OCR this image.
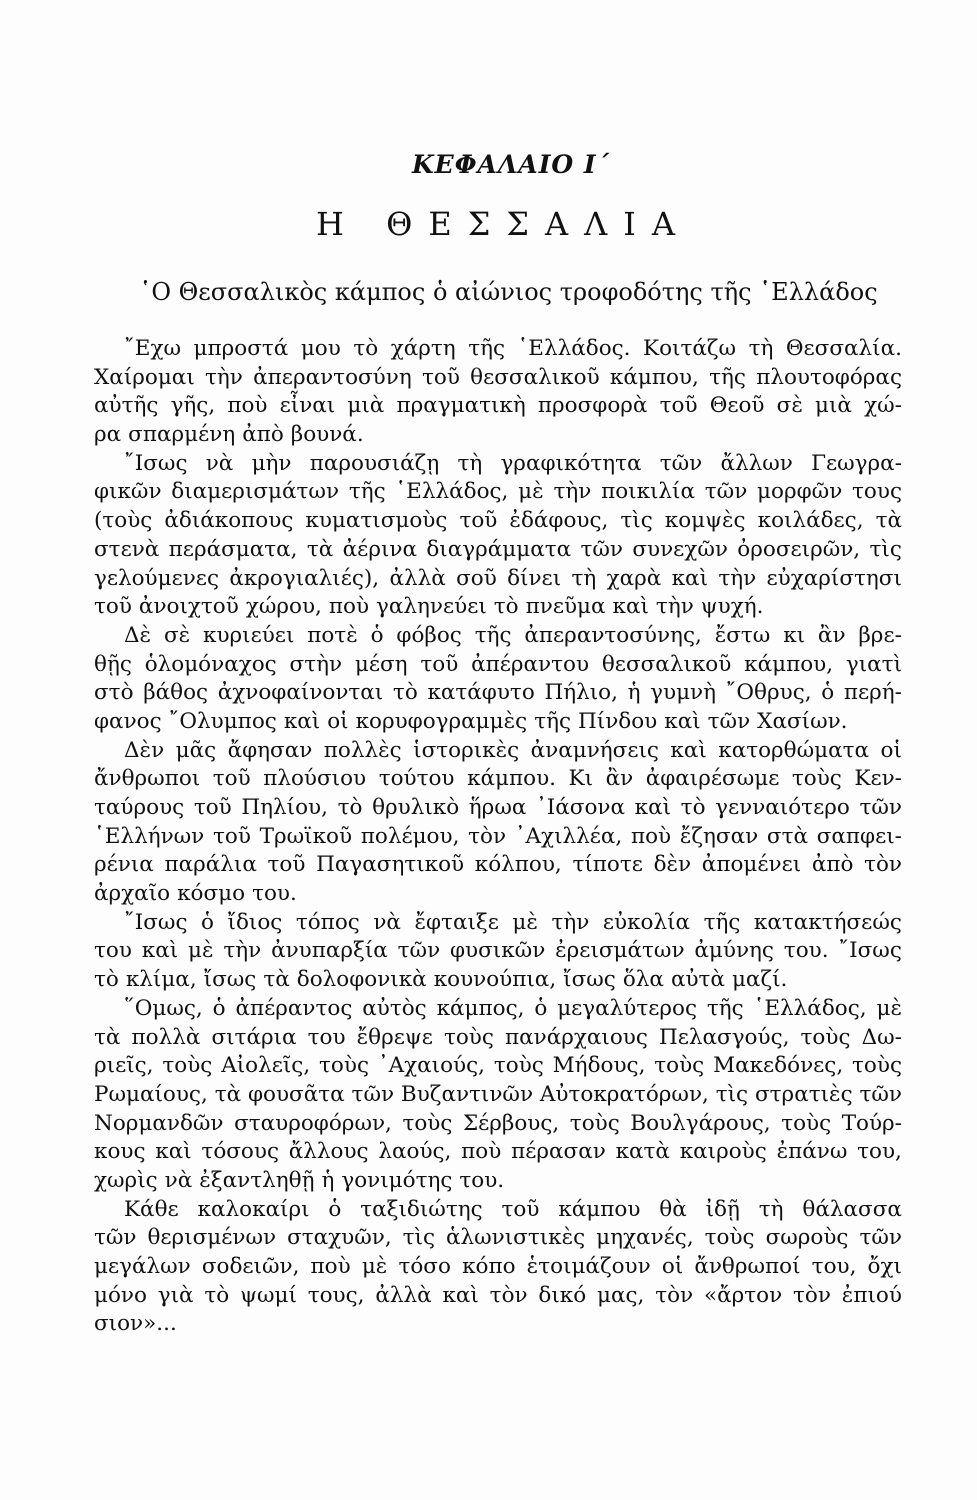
ΚΕΦΑΛΑΙΟ Ι΄
Η ΘΕΣΣΑΛΙΑ
῾Ο Θεσσαλικὸς κάμπος ὁ αἰώνιος τροφοδότης τῆς ῾Ελλάδος
῎Εχω μπροστά μου τὸ χάρτη τῆς ῾Ελλάδος. Κοιτάζω τὴ Θεσσαλία.
Χαίρομαι τὴν ἀπεραντοσύνη τοῦ θεσσαλικοῦ κάμπου, τῆς πλουτοφόρας
αὐτῆς γῆς, ποὺ εἶναι μιὰ πραγματικὴ προσφορὰ τοῦ Θεοῦ σὲ μιὰ χώ-
ρα σπαρμένη ἀπὸ βουνά.
῎Ισως νὰ μὴν παρουσιάζῃ τὴ γραφικότητα τῶν ἄλλων Γεωγρα-
φικῶν διαμερισμάτων τῆς ῾Ελλάδος, μὲ τὴν ποικιλία τῶν μορφῶν τους
(τοὺς ἀδιάκοπους κυματισμοὺς τοῦ ἐδάφους, τὶς κομψὲς κοιλάδες, τὰ
στενὰ περάσματα, τὰ ἀέρινα διαγράμματα τῶν συνεχῶν ὀροσειρῶν, τὶς
γελούμενες ἀκρογιαλιές), ἀλλὰ σοῦ δίνει τὴ χαρὰ καὶ τὴν εὐχαρίστησι
τοῦ ἀνοιχτοῦ χώρου, ποὺ γαληνεύει τὸ πνεῦμα καὶ τὴν ψυχή.
Δὲ σὲ κυριεύει ποτὲ ὁ φόβος τῆς ἀπεραντοσύνης, ἔστω κι ἂν βρε-
θῇς ὁλομόναχος στὴν μέση τοῦ ἀπέραντου θεσσαλικοῦ κάμπου, γιατὶ
στὸ βάθος ἀχνοφαίνονται τὸ κατάφυτο Πήλιο, ἡ γυμνὴ ῎Οθρυς, ὁ περή-
φανος ῎Ολυμπος καὶ οἱ κορυφογραμμὲς τῆς Πίνδου καὶ τῶν Χασίων.
Δὲν μᾶς ἄφησαν πολλὲς ἱστορικὲς ἀναμνήσεις καὶ κατορθώματα οἱ
ἄνθρωποι τοῦ πλούσιου τούτου κάμπου. Κι ἂν ἀφαιρέσωμε τοὺς Κεν-
ταύρους τοῦ Πηλίου, τὸ θρυλικὸ ἥρωα ᾿Ιάσονα καὶ τὸ γενναιότερο τῶν
῾Ελλήνων τοῦ Τρωϊκοῦ πολέμου, τὸν ᾿Αχιλλέα, ποὺ ἔζησαν στὰ σαπφει-
ρένια παράλια τοῦ Παγασητικοῦ κόλπου, τίποτε δὲν ἀπομένει ἀπὸ τὸν
ἀρχαῖο κόσμο του.
῎Ισως ὁ ἴδιος τόπος νὰ ἔφταιξε μὲ τὴν εὐκολία τῆς κατακτήσεώς
του καὶ μὲ τὴν ἀνυπαρξία τῶν φυσικῶν ἐρεισμάτων ἀμύνης του. ῎Ισως
τὸ κλίμα, ἴσως τὰ δολοφονικὰ κουνούπια, ἴσως ὅλα αὐτὰ μαζί.
῞Ομως, ὁ ἀπέραντος αὐτὸς κάμπος, ὁ μεγαλύτερος τῆς ῾Ελλάδος, μὲ
τὰ πολλὰ σιτάρια του ἔθρεψε τοὺς πανάρχαιους Πελασγούς, τοὺς Δω-
ριεῖς, τοὺς Αἰολεῖς, τοὺς ᾿Αχαιούς, τοὺς Μήδους, τοὺς Μακεδόνες, τοὺς
Ρωμαίους, τὰ φουσᾶτα τῶν Βυζαντινῶν Αὐτοκρατόρων, τὶς στρατιὲς τῶν
Νορμανδῶν σταυροφόρων, τοὺς Σέρβους, τοὺς Βουλγάρους, τοὺς Τούρ-
κους καὶ τόσους ἄλλους λαούς, ποὺ πέρασαν κατὰ καιροὺς ἐπάνω του,
χωρὶς νὰ ἐξαντληθῇ ἡ γονιμότης του.
Κάθε καλοκαίρι ὁ ταξιδιώτης τοῦ κάμπου θὰ ἰδῇ τὴ θάλασσα
τῶν θερισμένων σταχυῶν, τὶς ἁλωνιστικὲς μηχανές, τοὺς σωροὺς τῶν
μεγάλων σοδειῶν, ποὺ μὲ τόσο κόπο ἑτοιμάζουν οἱ ἄνθρωποί του, ὄχι
μόνο γιὰ τὸ ψωμί τους, ἀλλὰ καὶ τὸν δικό μας, τὸν «ἄρτον τὸν ἐπιού
σιον»...
